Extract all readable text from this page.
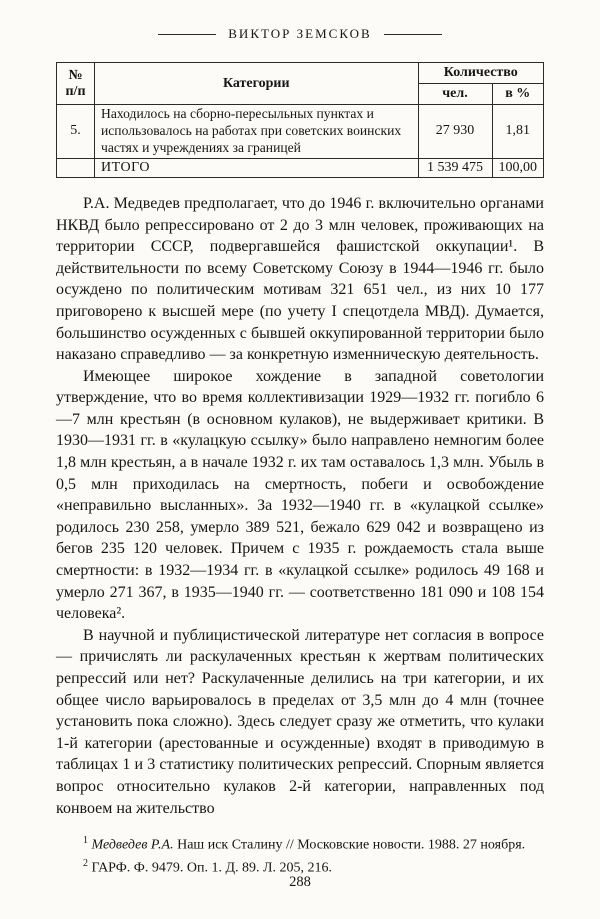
ВИКТОР ЗЕМСКОВ
№ п/п	Категории	Количество	
		чел.	в %
5.	Находилось на сборно-пересыльных пунктах и использовалось на работах при советских воинских частях и учреждениях за границей	27 930	1,81
	ИТОГО	1 539 475	100,00

Р.А. Медведев предполагает, что до 1946 г. включительно органами НКВД было репрессировано от 2 до 3 млн человек, проживающих на территории СССР, подвергавшейся фашистской оккупации¹. В действительности по всему Советскому Союзу в 1944—1946 гг. было осуждено по политическим мотивам 321 651 чел., из них 10 177 приговорено к высшей мере (по учету I спецотдела МВД). Думается, большинство осужденных с бывшей оккупированной территории было наказано справедливо — за конкретную изменническую деятельность.

Имеющее широкое хождение в западной советологии утверждение, что во время коллективизации 1929—1932 гг. погибло 6—7 млн крестьян (в основном кулаков), не выдерживает критики. В 1930—1931 гг. в «кулацкую ссылку» было направлено немногим более 1,8 млн крестьян, а в начале 1932 г. их там оставалось 1,3 млн. Убыль в 0,5 млн приходилась на смертность, побеги и освобождение «неправильно высланных». За 1932—1940 гг. в «кулацкой ссылке» родилось 230 258, умерло 389 521, бежало 629 042 и возвращено из бегов 235 120 человек. Причем с 1935 г. рождаемость стала выше смертности: в 1932—1934 гг. в «кулацкой ссылке» родилось 49 168 и умерло 271 367, в 1935—1940 гг. — соответственно 181 090 и 108 154 человека².

В научной и публицистической литературе нет согласия в вопросе — причислять ли раскулаченных крестьян к жертвам политических репрессий или нет? Раскулаченные делились на три категории, и их общее число варьировалось в пределах от 3,5 млн до 4 млн (точнее установить пока сложно). Здесь следует сразу же отметить, что кулаки 1-й категории (арестованные и осужденные) входят в приводимую в таблицах 1 и 3 статистику политических репрессий. Спорным является вопрос относительно кулаков 2-й категории, направленных под конвоем на жительство

$^1$ Медведев Р.А. Наш иск Сталину // Московские новости. 1988. 27 ноября.

$^2$ ГАРФ. Ф. 9479. Оп. 1. Д. 89. Л. 205, 216.

288
